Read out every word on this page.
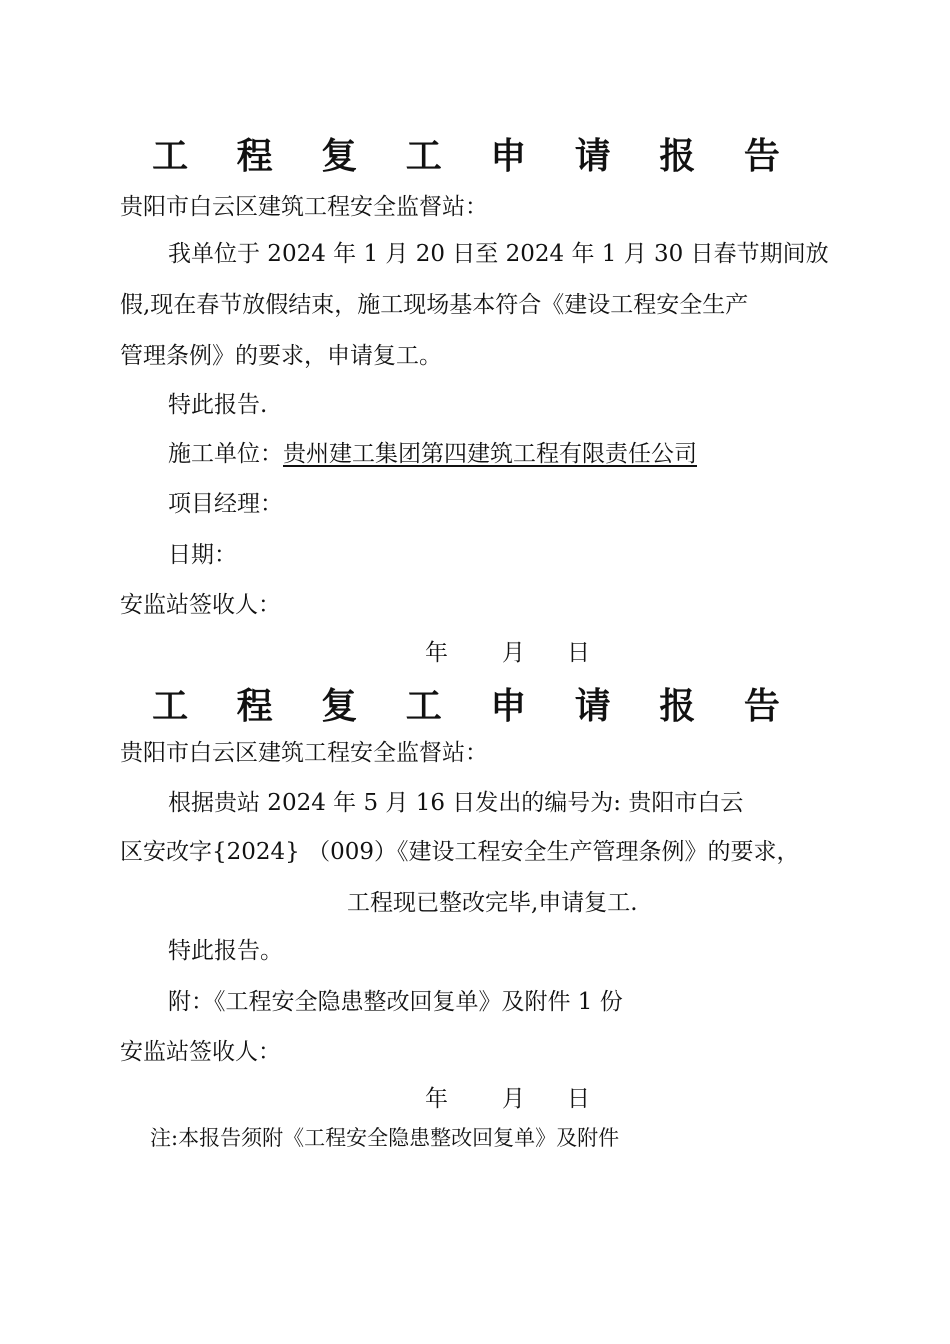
工 程 复 工 申 请 报 告
贵阳市白云区建筑工程安全监督站：
我单位于 2024 年 1 月 20 日至 2024 年 1 月 30 日春节期间放
假,现在春节放假结束，施工现场基本符合《建设工程安全生产
管理条例》的要求，申请复工。
特此报告.
施工单位：贵州建工集团第四建筑工程有限责任公司
项目经理：
日期：
安监站签收人：
年 月 日
工 程 复 工 申 请 报 告
贵阳市白云区建筑工程安全监督站：
根据贵站 2024 年 5 月 16 日发出的编号为: 贵阳市白云
区安改字{2024} （009）《建设工程安全生产管理条例》的要求，
工程现已整改完毕,申请复工.
特此报告。
附：《工程安全隐患整改回复单》及附件 1 份
安监站签收人：
年 月 日
注:本报告须附《工程安全隐患整改回复单》及附件
